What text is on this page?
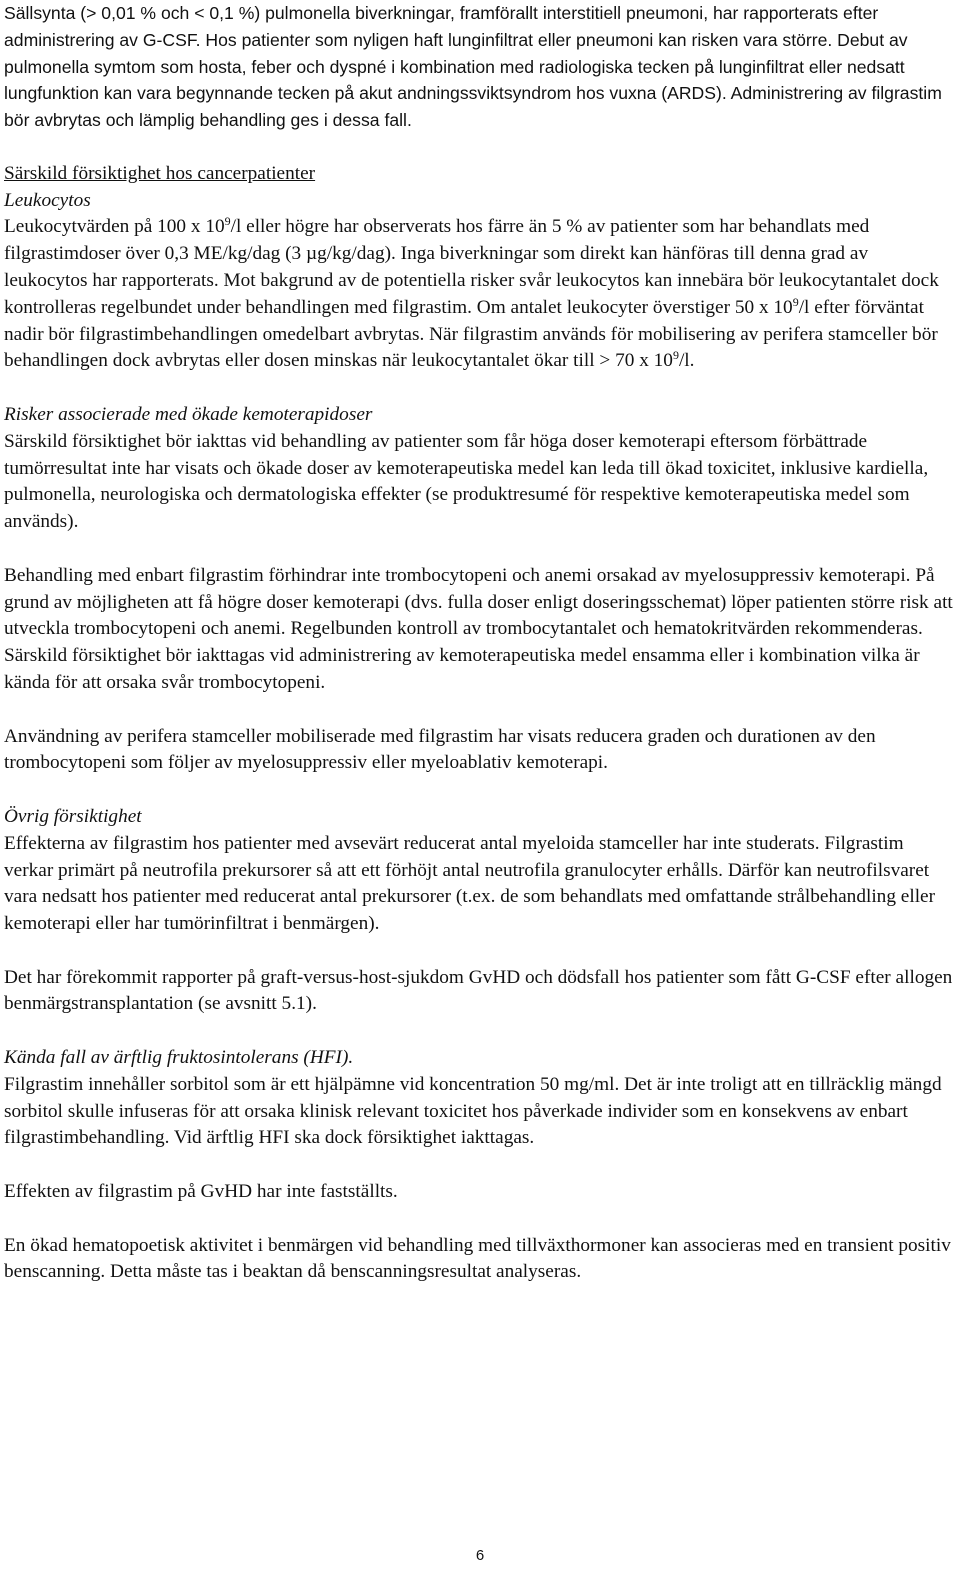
Sällsynta (> 0,01 % och < 0,1 %) pulmonella biverkningar, framförallt interstitiell pneumoni, har rapporterats efter administrering av G-CSF. Hos patienter som nyligen haft lunginfiltrat eller pneumoni kan risken vara större. Debut av pulmonella symtom som hosta, feber och dyspné i kombination med radiologiska tecken på lunginfiltrat eller nedsatt lungfunktion kan vara begynnande tecken på akut andningssviktsyndrom hos vuxna (ARDS). Administrering av filgrastim bör avbrytas och lämplig behandling ges i dessa fall.

Särskild försiktighet hos cancerpatienter
Leukocytos
Leukocytvärden på 100 x $10^9/l$ eller högre har observerats hos färre än 5 % av patienter som har behandlats med filgrastimdoser över 0,3 ME/kg/dag (3 µg/kg/dag). Inga biverkningar som direkt kan hänföras till denna grad av leukocytos har rapporterats. Mot bakgrund av de potentiella risker svår leukocytos kan innebära bör leukocytantalet dock kontrolleras regelbundet under behandlingen med filgrastim. Om antalet leukocyter överstiger 50 x $10^9/l$ efter förväntat nadir bör filgrastimbehandlingen omedelbart avbrytas. När filgrastim används för mobilisering av perifera stamceller bör behandlingen dock avbrytas eller dosen minskas när leukocytantalet ökar till > 70 x $10^9/l$.
Risker associerade med ökade kemoterapidoser
Särskild försiktighet bör iakttas vid behandling av patienter som får höga doser kemoterapi eftersom förbättrade tumörresultat inte har visats och ökade doser av kemoterapeutiska medel kan leda till ökad toxicitet, inklusive kardiella, pulmonella, neurologiska och dermatologiska effekter (se produktresumé för respektive kemoterapeutiska medel som används).

Behandling med enbart filgrastim förhindrar inte trombocytopeni och anemi orsakad av myelosuppressiv kemoterapi. På grund av möjligheten att få högre doser kemoterapi (dvs. fulla doser enligt doseringsschemat) löper patienten större risk att utveckla trombocytopeni och anemi. Regelbunden kontroll av trombocytantalet och hematokritvärden rekommenderas. Särskild försiktighet bör iakttagas vid administrering av kemoterapeutiska medel ensamma eller i kombination vilka är kända för att orsaka svår trombocytopeni.

Användning av perifera stamceller mobiliserade med filgrastim har visats reducera graden och durationen av den trombocytopeni som följer av myelosuppressiv eller myeloablativ kemoterapi.

Övrig försiktighet
Effekterna av filgrastim hos patienter med avsevärt reducerat antal myeloida stamceller har inte studerats. Filgrastim verkar primärt på neutrofila prekursorer så att ett förhöjt antal neutrofila granulocyter erhålls. Därför kan neutrofilsvaret vara nedsatt hos patienter med reducerat antal prekursorer (t.ex. de som behandlats med omfattande strålbehandling eller kemoterapi eller har tumörinfiltrat i benmärgen).

Det har förekommit rapporter på graft-versus-host-sjukdom GvHD och dödsfall hos patienter som fått G-CSF efter allogen benmärgstransplantation (se avsnitt 5.1).

Kända fall av ärftlig fruktosintolerans (HFI).
Filgrastim innehåller sorbitol som är ett hjälpämne vid koncentration 50 mg/ml. Det är inte troligt att en tillräcklig mängd sorbitol skulle infuseras för att orsaka klinisk relevant toxicitet hos påverkade individer som en konsekvens av enbart filgrastimbehandling. Vid ärftlig HFI ska dock försiktighet iakttagas.

Effekten av filgrastim på GvHD har inte fastställts.

En ökad hematopoetisk aktivitet i benmärgen vid behandling med tillväxthormoner kan associeras med en transient positiv benscanning. Detta måste tas i beaktan då benscanningsresultat analyseras.

6
